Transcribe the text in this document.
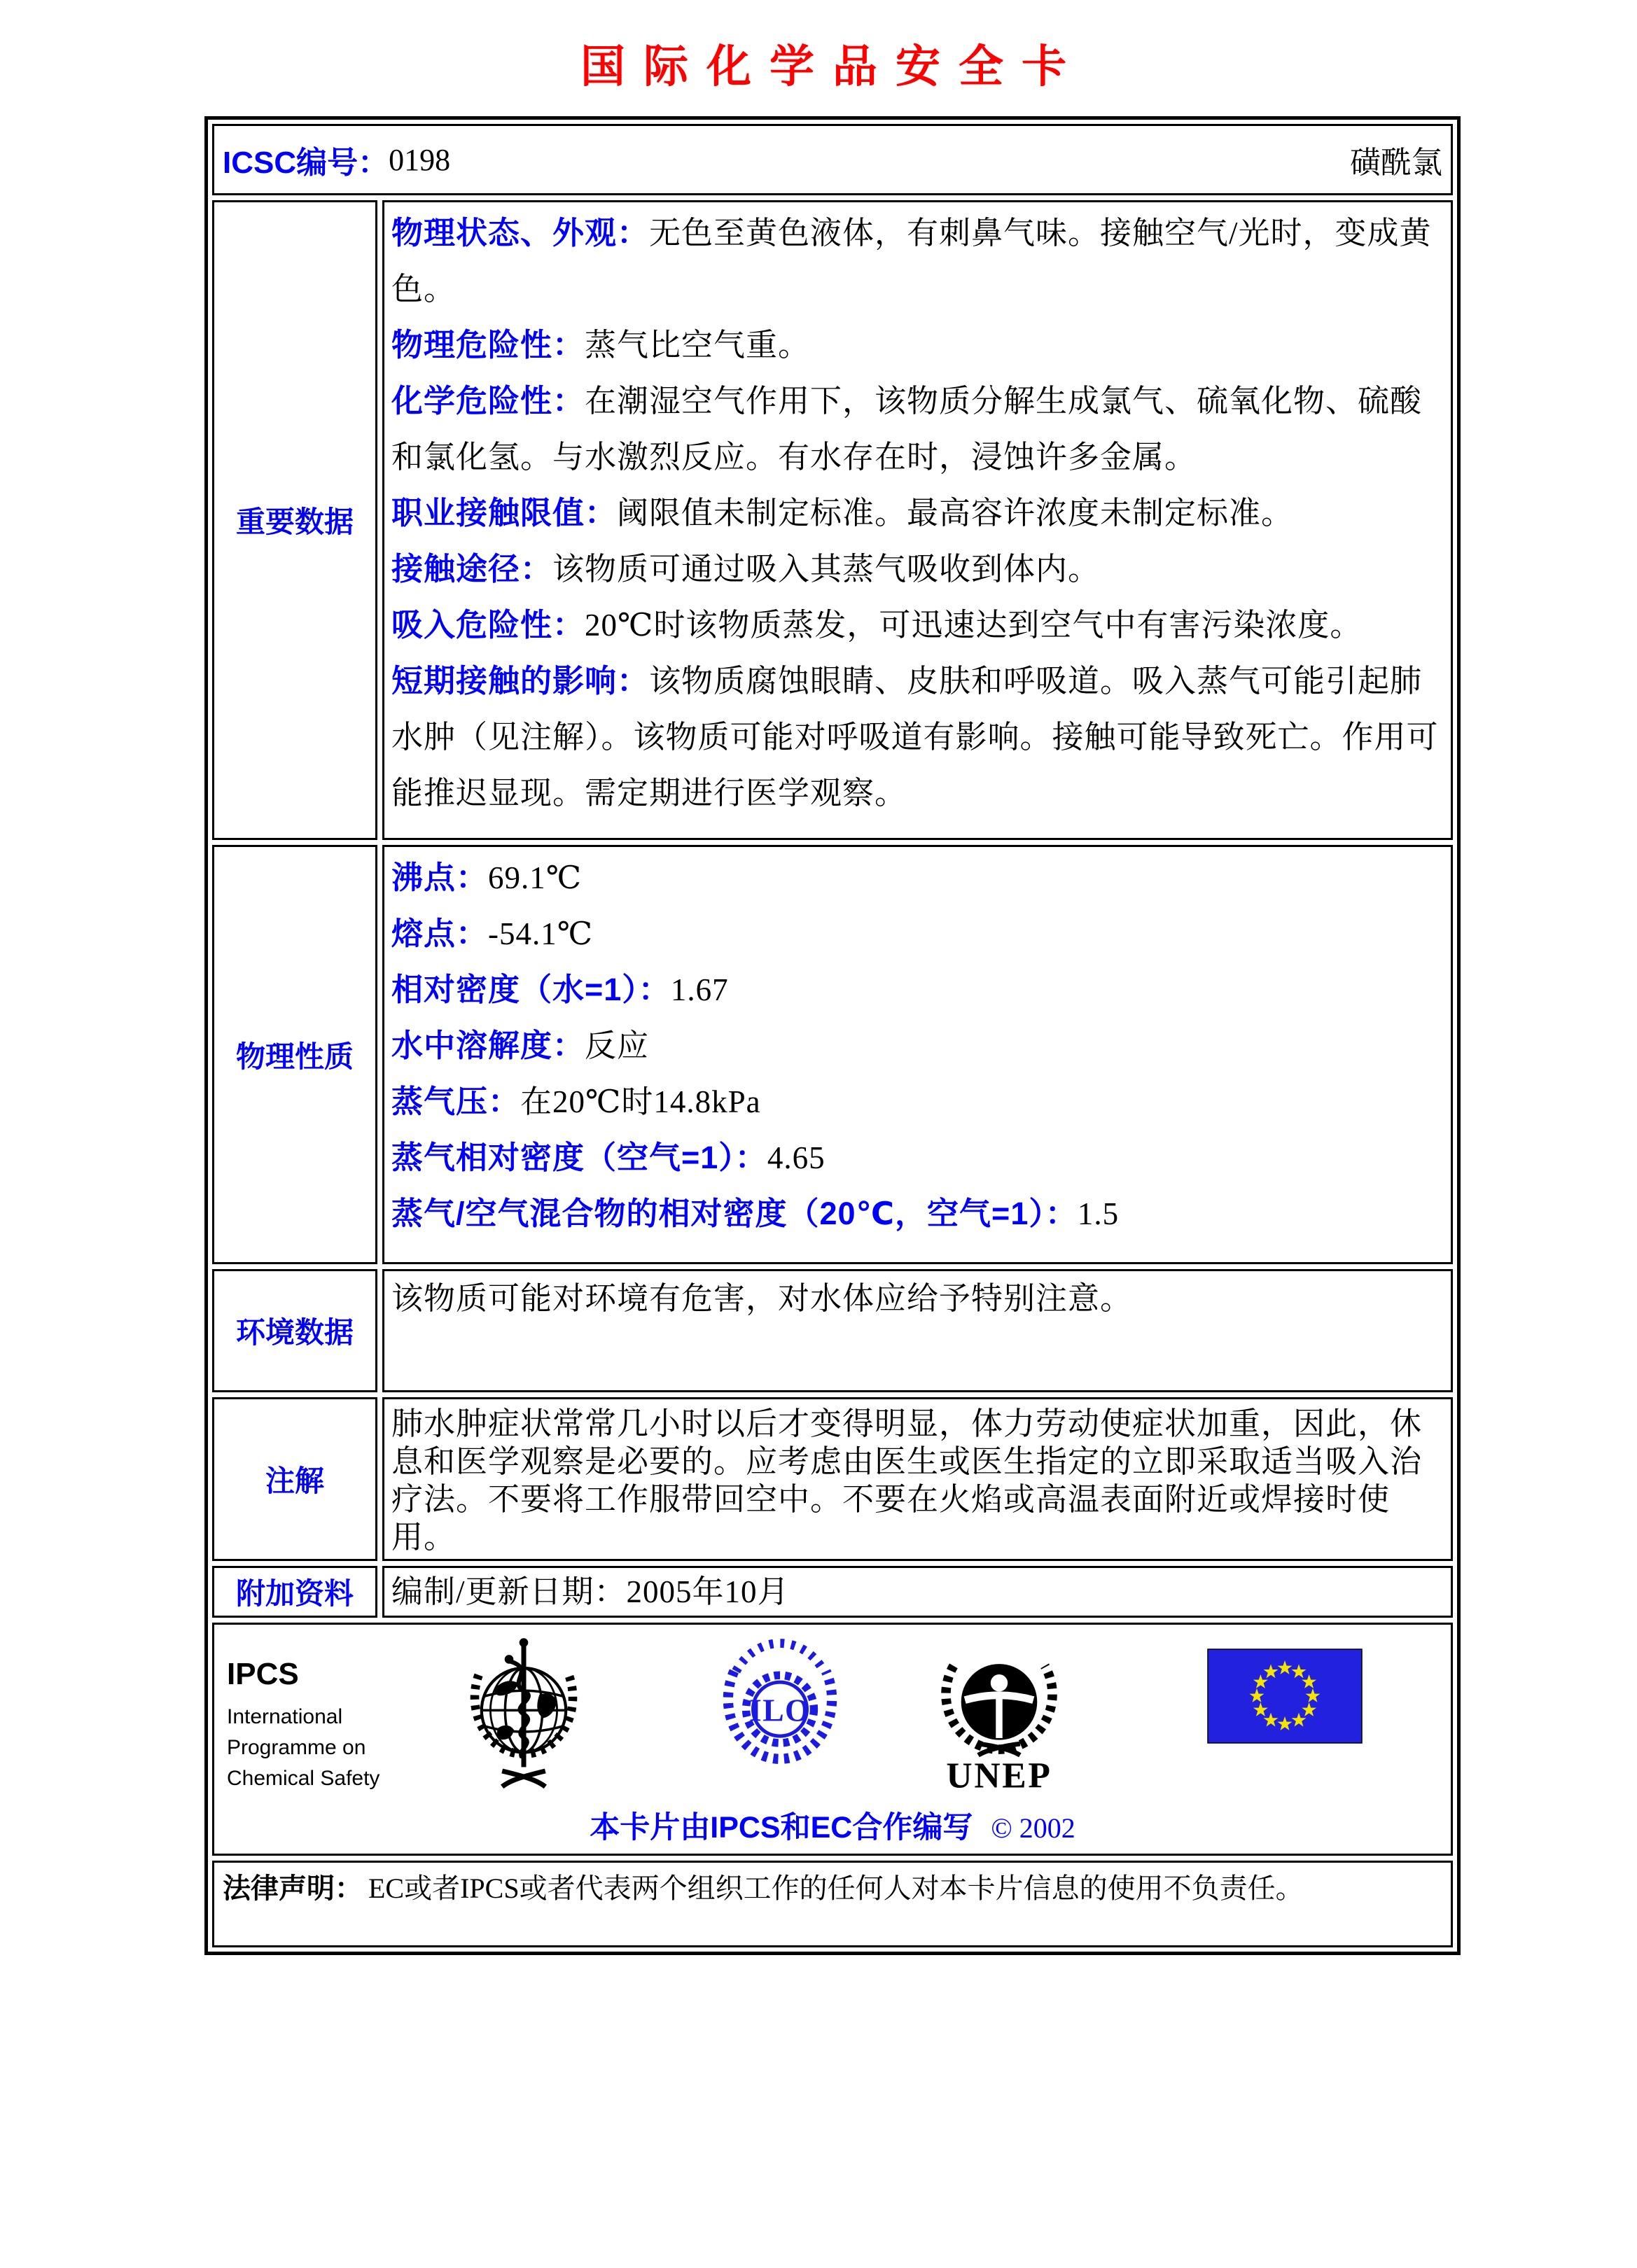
国际化学品安全卡
ICSC编号： 0198	磺酰氯
重要数据

物理状态、外观：无色至黄色液体，有刺鼻气味。接触空气/光时，变成黄色。

物理危险性：蒸气比空气重。

化学危险性：在潮湿空气作用下，该物质分解生成氯气、硫氧化物、硫酸和氯化氢。与水激烈反应。有水存在时，浸蚀许多金属。

职业接触限值：阈限值未制定标准。最高容许浓度未制定标准。

接触途径：该物质可通过吸入其蒸气吸收到体内。

吸入危险性：20℃时该物质蒸发，可迅速达到空气中有害污染浓度。

短期接触的影响：该物质腐蚀眼睛、皮肤和呼吸道。吸入蒸气可能引起肺水肿（见注解）。该物质可能对呼吸道有影响。接触可能导致死亡。作用可能推迟显现。需定期进行医学观察。

物理性质

沸点：69.1℃

熔点：-54.1℃

相对密度（水=1）：1.67

水中溶解度：反应

蒸气压：在20℃时14.8kPa

蒸气相对密度（空气=1）：4.65

蒸气/空气混合物的相对密度（20℃，空气=1）：1.5

环境数据
该物质可能对环境有危害，对水体应给予特别注意。
注解
肺水肿症状常常几小时以后才变得明显，体力劳动使症状加重，因此，休息和医学观察是必要的。应考虑由医生或医生指定的立即采取适当吸入治疗法。不要将工作服带回空中。不要在火焰或高温表面附近或焊接时使用。
附加资料	编制/更新日期：2005年10月
IPCS
International
Programme on
Chemical Safety
ILO
UNEP
本卡片由IPCS和EC合作编写 © 2002
法律声明： EC或者IPCS或者代表两个组织工作的任何人对本卡片信息的使用不负责任。
